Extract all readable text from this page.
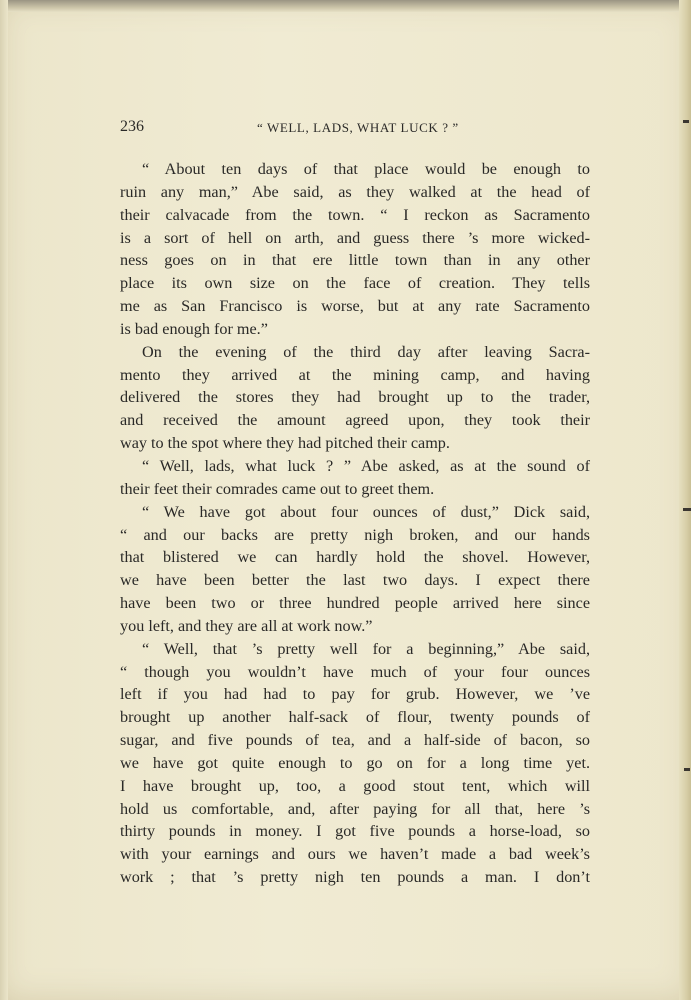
236	“ WELL, LADS, WHAT LUCK ? ”
“ About ten days of that place would be enough to
ruin any man,” Abe said, as they walked at the head of
their calvacade from the town. “ I reckon as Sacramento
is a sort of hell on arth, and guess there ’s more wicked-
ness goes on in that ere little town than in any other
place its own size on the face of creation. They tells
me as San Francisco is worse, but at any rate Sacramento
is bad enough for me.”
On the evening of the third day after leaving Sacra-
mento they arrived at the mining camp, and having
delivered the stores they had brought up to the trader,
and received the amount agreed upon, they took their
way to the spot where they had pitched their camp.
“ Well, lads, what luck ? ” Abe asked, as at the sound of
their feet their comrades came out to greet them.
“ We have got about four ounces of dust,” Dick said,
“ and our backs are pretty nigh broken, and our hands
that blistered we can hardly hold the shovel. However,
we have been better the last two days. I expect there
have been two or three hundred people arrived here since
you left, and they are all at work now.”
“ Well, that ’s pretty well for a beginning,” Abe said,
“ though you wouldn’t have much of your four ounces
left if you had had to pay for grub. However, we ’ve
brought up another half-sack of flour, twenty pounds of
sugar, and five pounds of tea, and a half-side of bacon, so
we have got quite enough to go on for a long time yet.
I have brought up, too, a good stout tent, which will
hold us comfortable, and, after paying for all that, here ’s
thirty pounds in money. I got five pounds a horse-load, so
with your earnings and ours we haven’t made a bad week’s
work ; that ’s pretty nigh ten pounds a man. I don’t
